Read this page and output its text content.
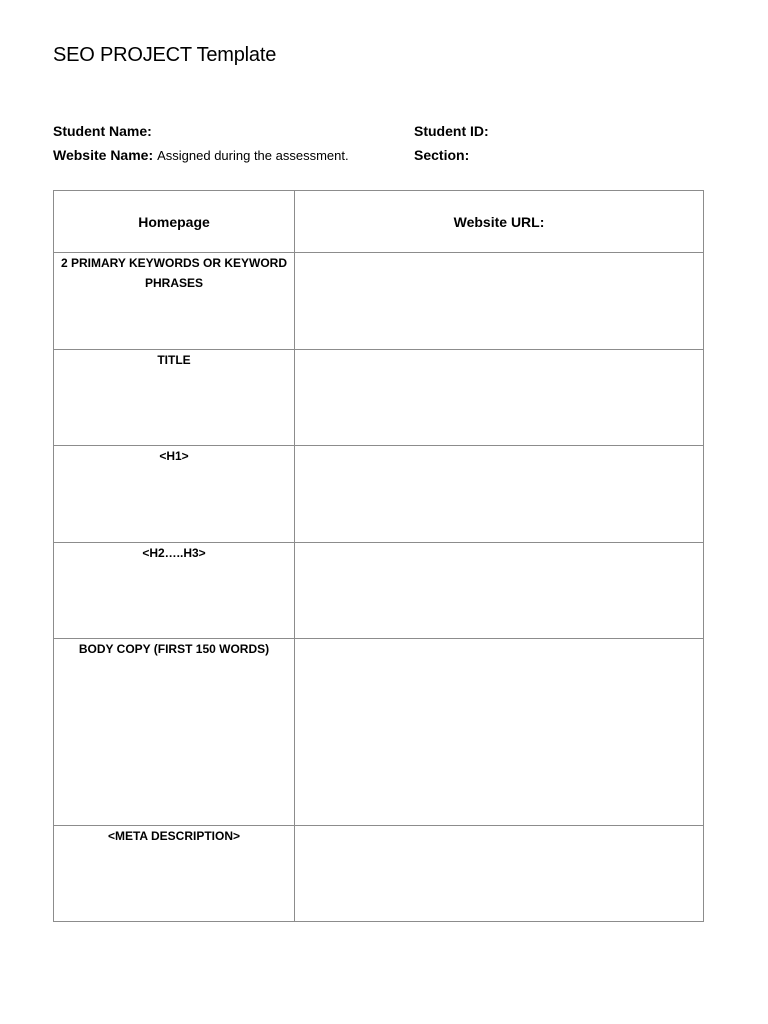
SEO PROJECT Template
Student Name:
Website Name: Assigned during the assessment.
Student ID:
Section:
Homepage	Website URL:
2 PRIMARY KEYWORDS OR KEYWORD PHRASES	
TITLE	
<H1>	
<H2…..H3>	
BODY COPY (FIRST 150 WORDS)	
<META DESCRIPTION>	
